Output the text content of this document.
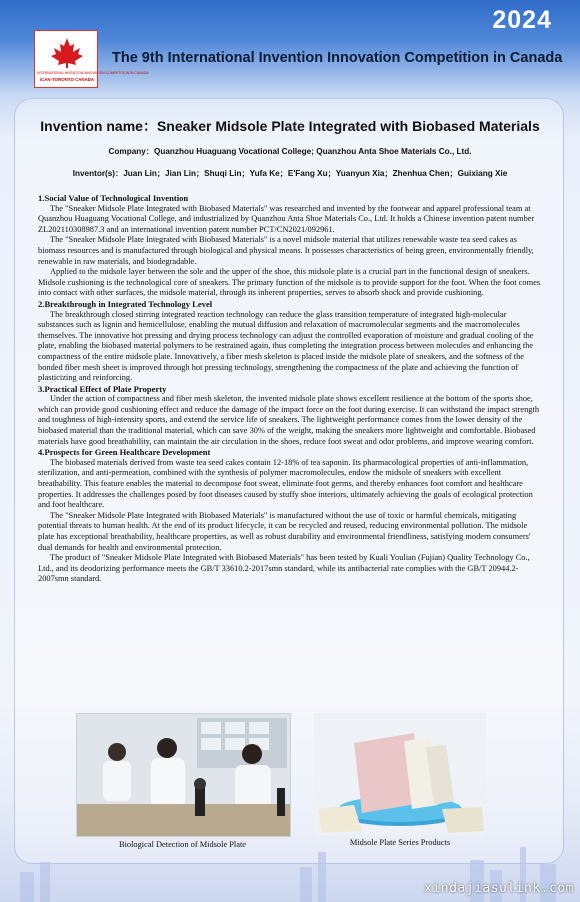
2024
INTERNATIONAL INVENTION INNOVATION COMPETITION IN CANADA
iCAN·TORONTO CANADA
The 9th International Invention Innovation Competition in Canada
Invention name：Sneaker Midsole Plate Integrated with Biobased Materials
Company：Quanzhou Huaguang Vocational College; Quanzhou Anta Shoe Materials Co., Ltd.
Inventor(s)：Juan Lin；Jian Lin；Shuqi Lin；Yufa Ke；E'Fang Xu；Yuanyun Xia；Zhenhua Chen；Guixiang Xie
1.Social Value of Technological Invention

The "Sneaker Midsole Plate Integrated with Biobased Materials" was researched and invented by the footwear and apparel professional team at Quanzhou Huaguang Vocational College, and industrialized by Quanzhou Anta Shoe Materials Co., Ltd. It holds a Chinese invention patent number ZL202110308987.3 and an international invention patent number PCT/CN2021/092961.

The "Sneaker Midsole Plate Integrated with Biobased Materials" is a novel midsole material that utilizes renewable waste tea seed cakes as biomass resources and is manufactured through biological and physical means. It possesses characteristics of being green, environmentally friendly, renewable in raw materials, and biodegradable.

Applied to the midsole layer between the sole and the upper of the shoe, this midsole plate is a crucial part in the functional design of sneakers. Midsole cushioning is the technological core of sneakers. The primary function of the midsole is to provide support for the foot. When the foot comes into contact with other surfaces, the midsole material, through its inherent properties, serves to absorb shock and provide cushioning.

2.Breakthrough in Integrated Technology Level

The breakthrough closed stirring integrated reaction technology can reduce the glass transition temperature of integrated high-molecular substances such as lignin and hemicellulose, enabling the mutual diffusion and relaxation of macromolecular segments and the macromolecules themselves. The innovative hot pressing and drying process technology can adjust the controlled evaporation of moisture and gradual cooling of the plate, enabling the biobased material polymers to be restrained again, thus completing the integration process between molecules and enhancing the compactness of the entire midsole plate. Innovatively, a fiber mesh skeleton is placed inside the midsole plate of sneakers, and the softness of the bonded fiber mesh sheet is improved through hot pressing technology, strengthening the compactness of the plate and achieving the function of plasticizing and reinforcing.

3.Practical Effect of Plate Property

Under the action of compactness and fiber mesh skeleton, the invented midsole plate shows excellent resilience at the bottom of the sports shoe, which can provide good cushioning effect and reduce the damage of the impact force on the foot during exercise. It can withstand the impact strength and toughness of high-intensity sports, and extend the service life of sneakers. The lightweight performance comes from the lower density of the biobased material than the traditional material, which can save 30% of the weight, making the sneakers more lightweight and comfortable. Biobased materials have good breathability, can maintain the air circulation in the shoes, reduce foot sweat and odor problems, and improve wearing comfort.

4.Prospects for Green Healthcare Development

The biobased materials derived from waste tea seed cakes contain 12-18% of tea saponin. Its pharmacological properties of anti-inflammation, sterilization, and anti-permeation, combined with the synthesis of polymer macromolecules, endow the midsole of sneakers with excellent breathability. This feature enables the material to decompose foot sweat, eliminate foot germs, and thereby enhances foot comfort and healthcare properties. It addresses the challenges posed by foot diseases caused by stuffy shoe interiors, ultimately achieving the goals of ecological protection and foot healthcare.

The "Sneaker Midsole Plate Integrated with Biobased Materials" is manufactured without the use of toxic or harmful chemicals, mitigating potential threats to human health. At the end of its product lifecycle, it can be recycled and reused, reducing environmental pollution. The midsole plate has exceptional breathability, healthcare properties, as well as robust durability and environmental friendliness, satisfying modern consumers' dual demands for health and environmental protection.

The product of "Sneaker Midsole Plate Integrated with Biobased Materials" has been tested by Kuali Youlian (Fujian) Quality Technology Co., Ltd., and its deodorizing performance meets the GB/T 33610.2-2017smn standard, while its antibacterial rate complies with the GB/T 20944.2-2007smn standard.

Biological Detection of Midsole Plate	Midsole Plate Series Products
xindajiasulink.com
